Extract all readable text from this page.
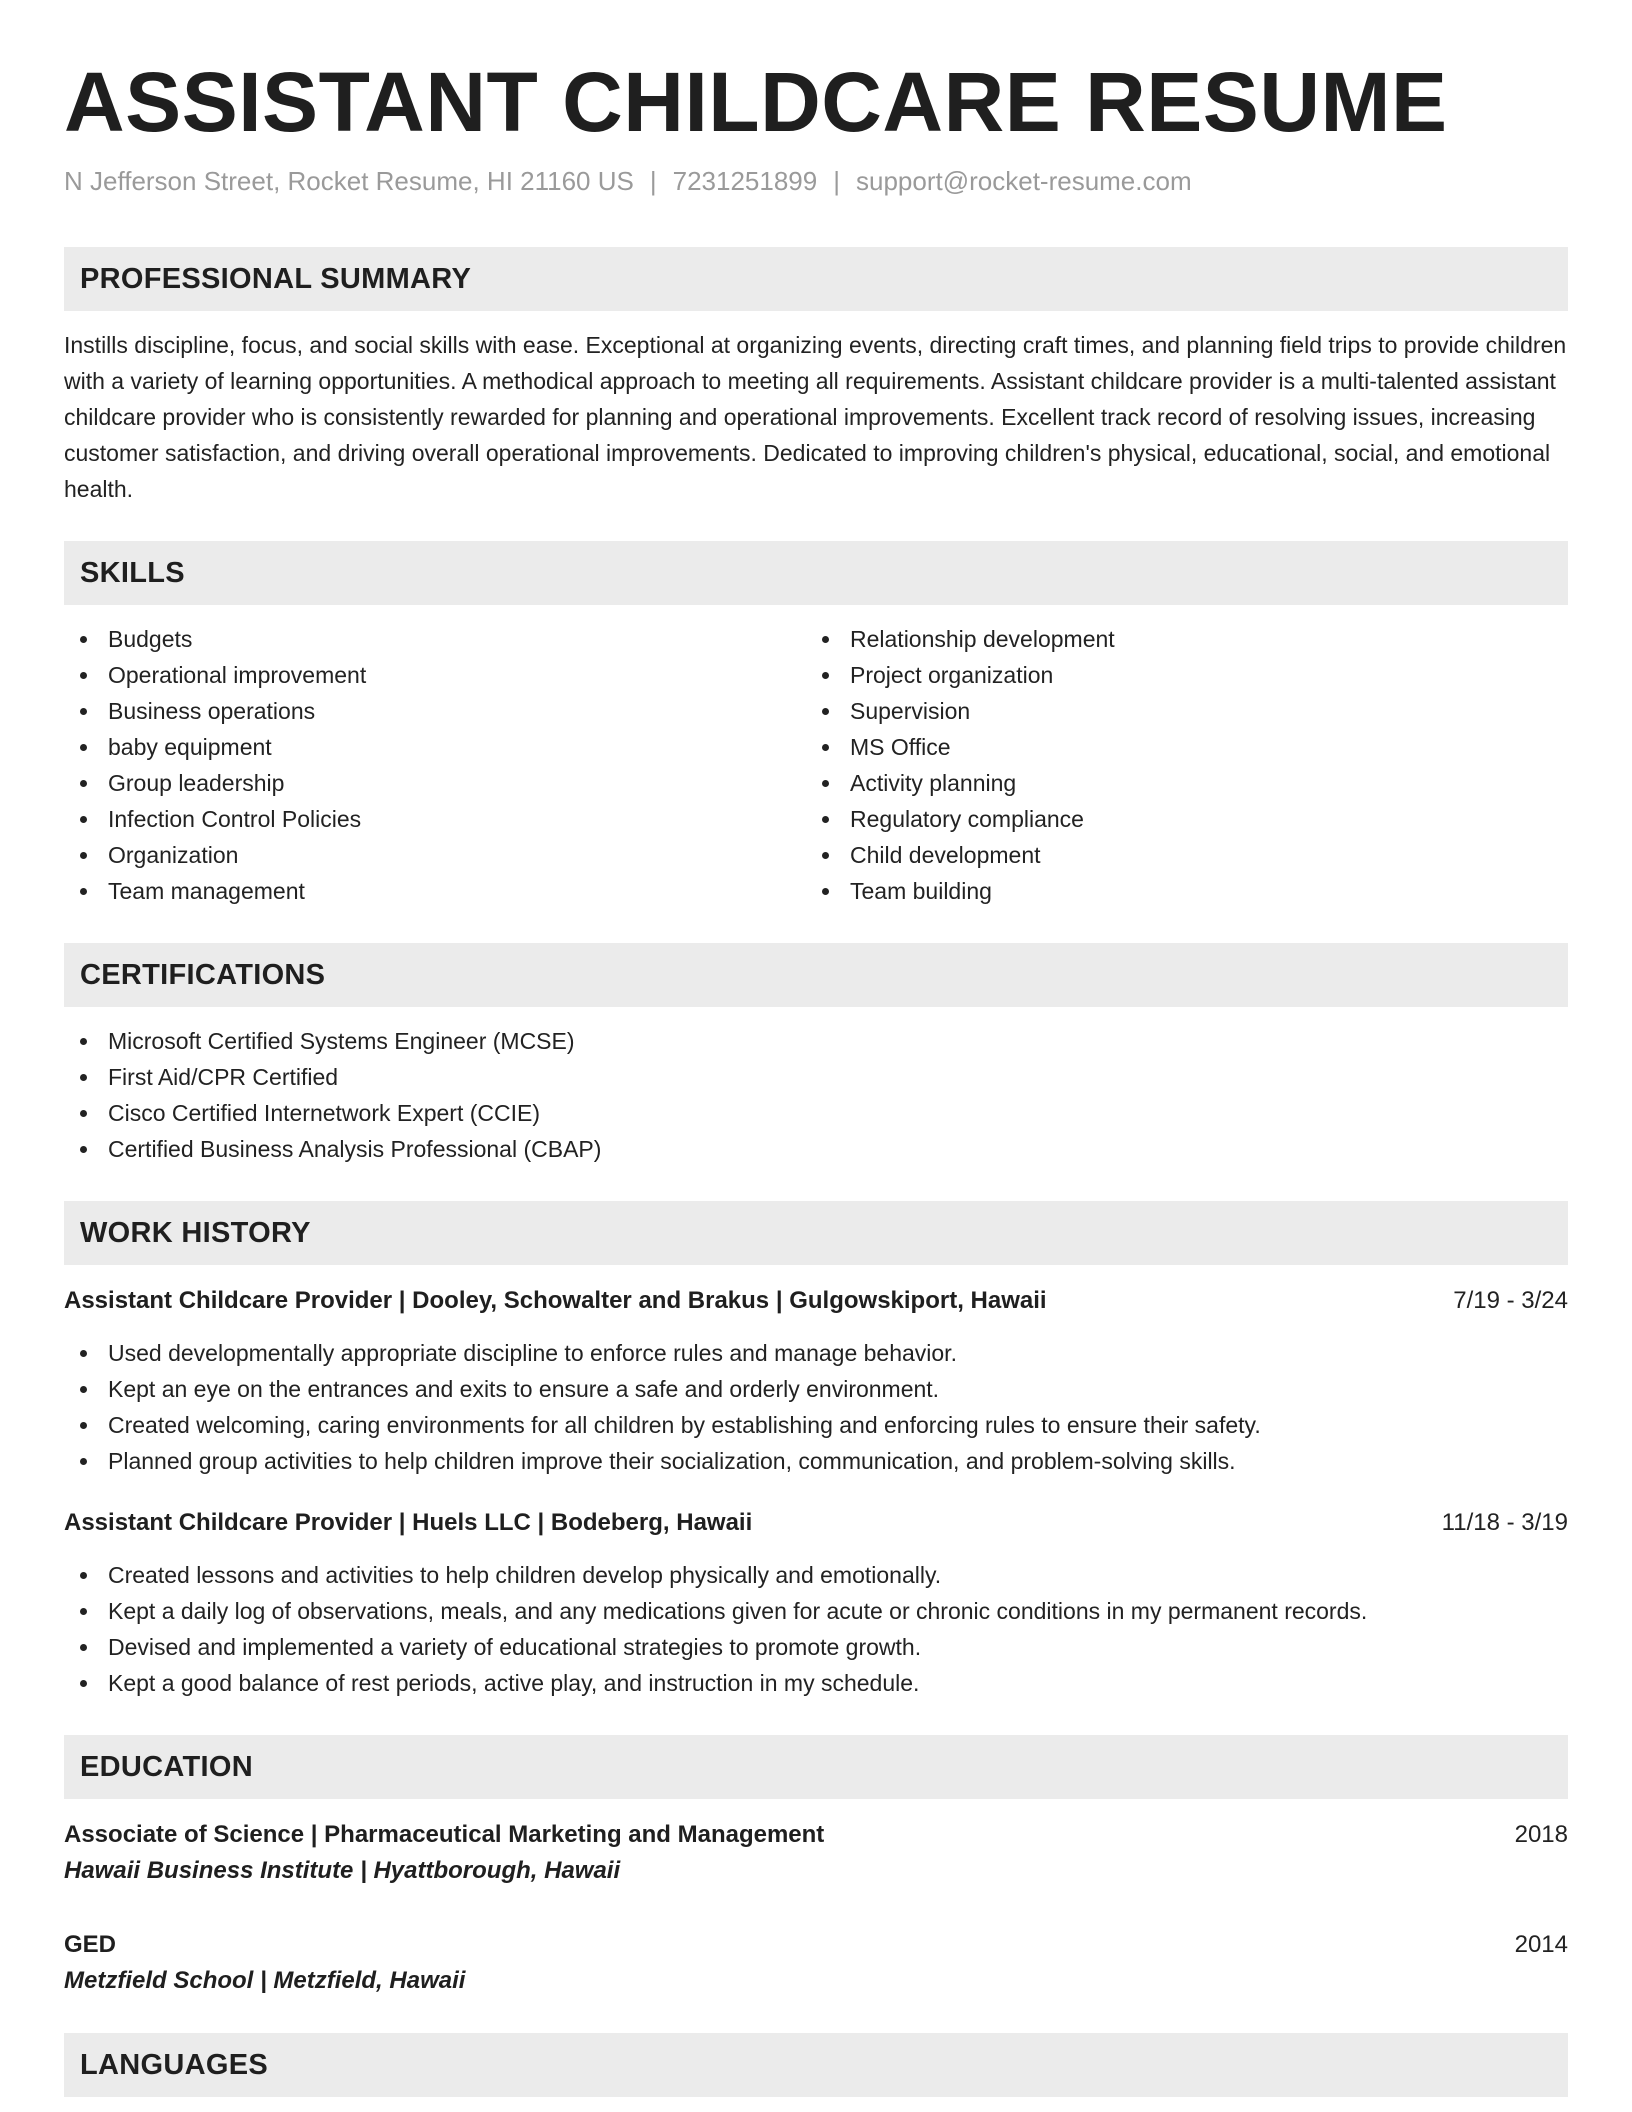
ASSISTANT CHILDCARE RESUME
N Jefferson Street, Rocket Resume, HI 21160 US | 7231251899 | support@rocket-resume.com
PROFESSIONAL SUMMARY

Instills discipline, focus, and social skills with ease. Exceptional at organizing events, directing craft times, and planning field trips to provide children with a variety of learning opportunities. A methodical approach to meeting all requirements. Assistant childcare provider is a multi-talented assistant childcare provider who is consistently rewarded for planning and operational improvements. Excellent track record of resolving issues, increasing customer satisfaction, and driving overall operational improvements. Dedicated to improving children's physical, educational, social, and emotional health.

SKILLS
Budgets
Operational improvement
Business operations
baby equipment
Group leadership
Infection Control Policies
Organization
Team management
Relationship development
Project organization
Supervision
MS Office
Activity planning
Regulatory compliance
Child development
Team building
CERTIFICATIONS
Microsoft Certified Systems Engineer (MCSE)
First Aid/CPR Certified
Cisco Certified Internetwork Expert (CCIE)
Certified Business Analysis Professional (CBAP)
WORK HISTORY
Assistant Childcare Provider | Dooley, Schowalter and Brakus | Gulgowskiport, Hawaii	7/19 - 3/24
Used developmentally appropriate discipline to enforce rules and manage behavior.
Kept an eye on the entrances and exits to ensure a safe and orderly environment.
Created welcoming, caring environments for all children by establishing and enforcing rules to ensure their safety.
Planned group activities to help children improve their socialization, communication, and problem-solving skills.
Assistant Childcare Provider | Huels LLC | Bodeberg, Hawaii	11/18 - 3/19
Created lessons and activities to help children develop physically and emotionally.
Kept a daily log of observations, meals, and any medications given for acute or chronic conditions in my permanent records.
Devised and implemented a variety of educational strategies to promote growth.
Kept a good balance of rest periods, active play, and instruction in my schedule.
EDUCATION
Associate of Science | Pharmaceutical Marketing and Management	2018
Hawaii Business Institute | Hyattborough, Hawaii
GED	2014
Metzfield School | Metzfield, Hawaii
LANGUAGES
